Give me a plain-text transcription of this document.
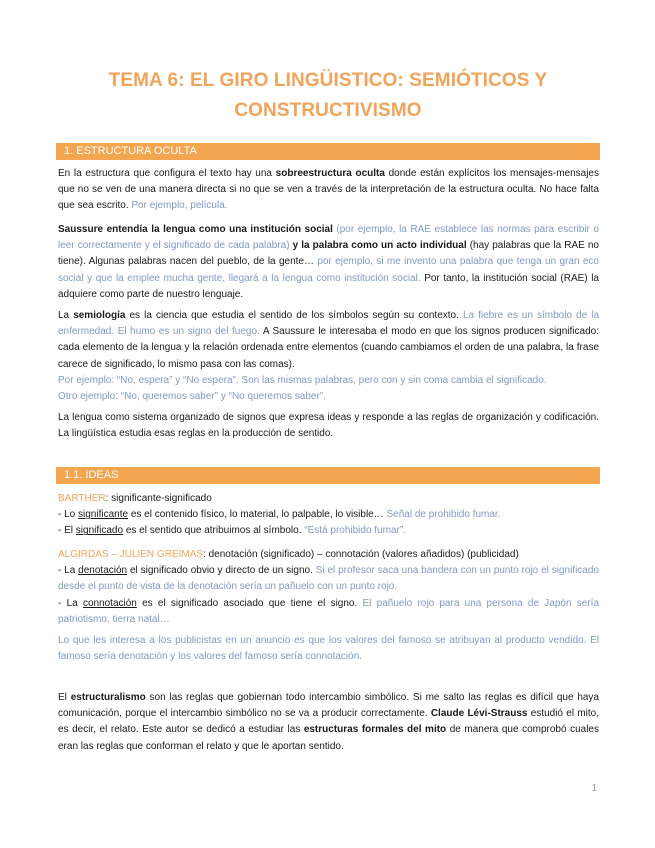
TEMA 6: EL GIRO LINGÜISTICO: SEMIÓTICOS Y
CONSTRUCTIVISMO
1. ESTRUCTURA OCULTA
En la estructura que configura el texto hay una sobreestructura oculta donde están explícitos los mensajes-mensajes que no se ven de una manera directa si no que se ven a través de la interpretación de la estructura oculta. No hace falta que sea escrito. Por ejemplo, película.
Saussure entendía la lengua como una institución social (por ejemplo, la RAE establece las normas para escribir o leer correctamente y el significado de cada palabra) y la palabra como un acto individual (hay palabras que la RAE no tiene). Algunas palabras nacen del pueblo, de la gente… por ejemplo, si me invento una palabra que tenga un gran eco social y que la emplee mucha gente, llegará a la lengua como institución social. Por tanto, la institución social (RAE) la adquiere como parte de nuestro lenguaje.
La semiología es la ciencia que estudia el sentido de los símbolos según su contexto. La fiebre es un símbolo de la enfermedad. El humo es un signo del fuego. A Saussure le interesaba el modo en que los signos producen significado: cada elemento de la lengua y la relación ordenada entre elementos (cuando cambiamos el orden de una palabra, la frase carece de significado, lo mismo pasa con las comas).
Por ejemplo: “No, espera” y “No espera”. Son las mismas palabras, pero con y sin coma cambia el significado.
Otro ejemplo: “No, queremos saber” y “No queremos saber”.
La lengua como sistema organizado de signos que expresa ideas y responde a las reglas de organización y codificación. La lingüística estudia esas reglas en la producción de sentido.
1.1. IDEAS
BARTHER: significante-significado
- Lo significante es el contenido físico, lo material, lo palpable, lo visible… Señal de prohibido fumar.
- El significado es el sentido que atribuimos al símbolo. “Está prohibido fumar”.
ALGIRDAS – JULIEN GREIMAS: denotación (significado) – connotación (valores añadidos) (publicidad)
- La denotación el significado obvio y directo de un signo. Si el profesor saca una bandera con un punto rojo el significado desde el punto de vista de la denotación sería un pañuelo con un punto rojo.
- La connotación es el significado asociado que tiene el signo. El pañuelo rojo para una persona de Japón sería patriotismo, tierra natal…
Lo que les interesa a los publicistas en un anuncio es que los valores del famoso se atribuyan al producto vendido. El famoso sería denotación y los valores del famoso sería connotación.
El estructuralismo son las reglas que gobiernan todo intercambio simbólico. Si me salto las reglas es difícil que haya comunicación, porque el intercambio simbólico no se va a producir correctamente. Claude Lévi-Strauss estudió el mito, es decir, el relato. Este autor se dedicó a estudiar las estructuras formales del mito de manera que comprobó cuales eran las reglas que conforman el relato y que le aportan sentido.
1
